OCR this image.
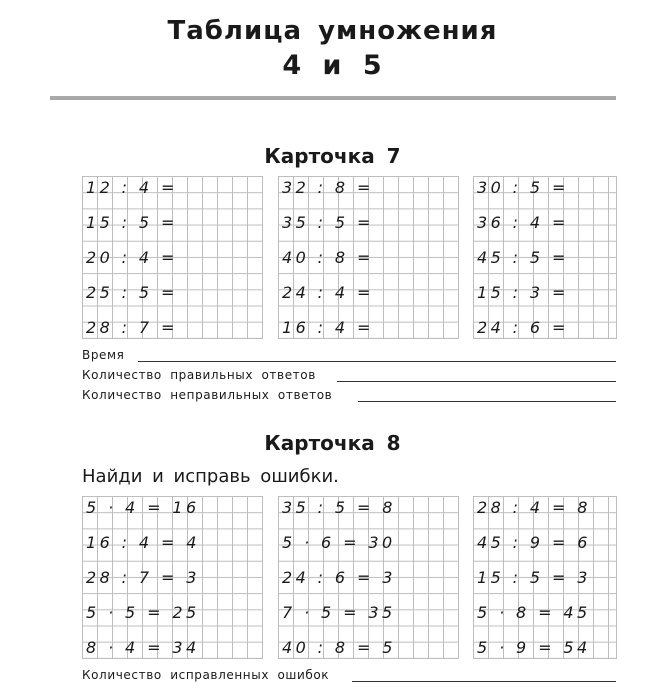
Таблица умножения
4 и 5
Карточка 7
12 : 4 =
15 : 5 =
20 : 4 =
25 : 5 =
28 : 7 =
32 : 8 =
35 : 5 =
40 : 8 =
24 : 4 =
16 : 4 =
30 : 5 =
36 : 4 =
45 : 5 =
15 : 3 =
24 : 6 =
Время
Количество правильных ответов
Количество неправильных ответов
Карточка 8
Найди и исправь ошибки.
5 · 4 = 16
16 : 4 = 4
28 : 7 = 3
5 · 5 = 25
8 · 4 = 34
35 : 5 = 8
5 · 6 = 30
24 : 6 = 3
7 · 5 = 35
40 : 8 = 5
28 : 4 = 8
45 : 9 = 6
15 : 5 = 3
5 · 8 = 45
5 · 9 = 54
Количество исправленных ошибок
